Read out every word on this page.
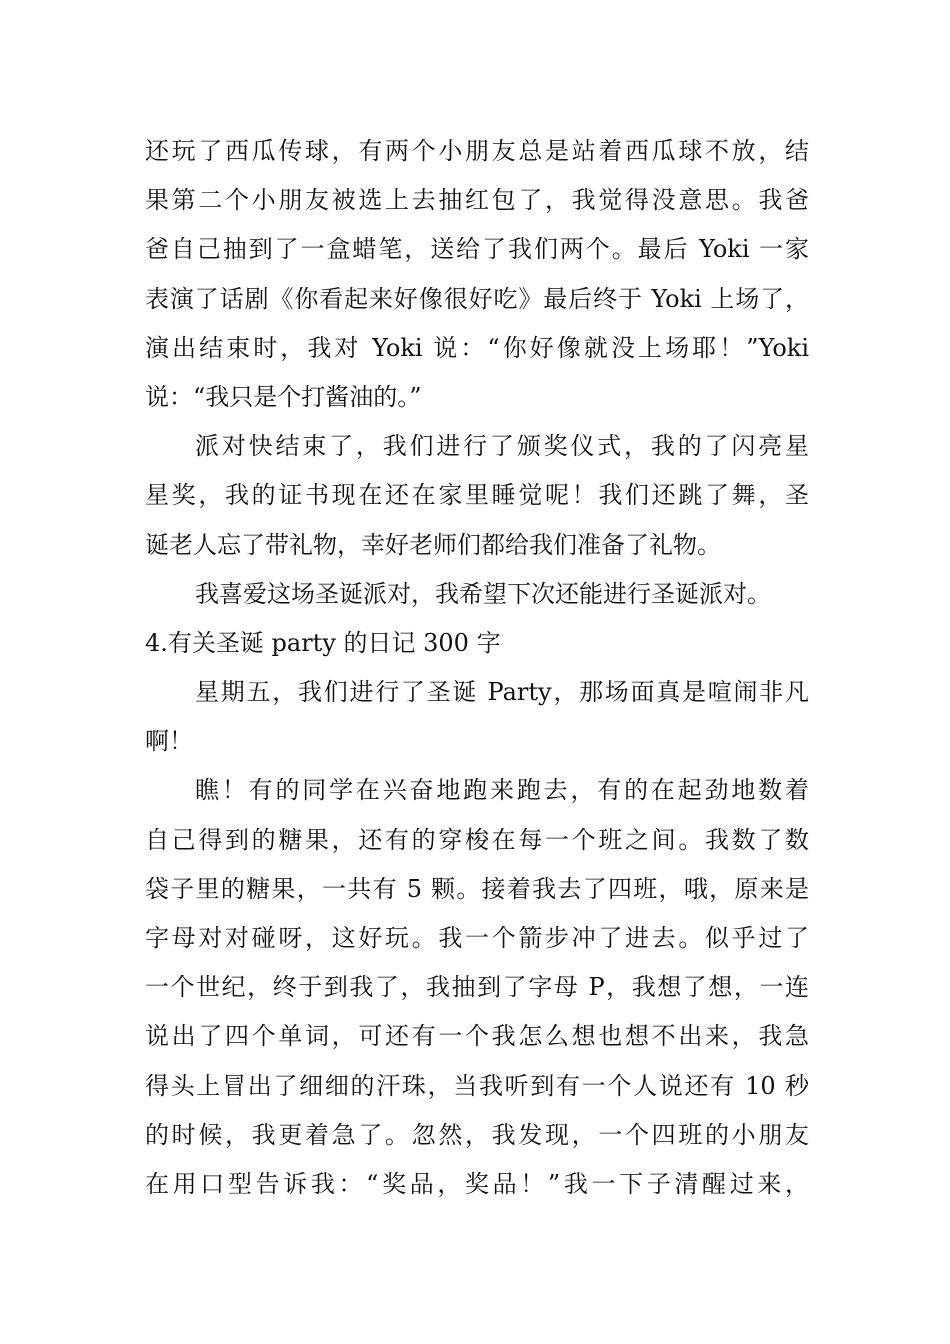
还玩了西瓜传球，有两个小朋友总是站着西瓜球不放，结
果第二个小朋友被选上去抽红包了，我觉得没意思。我爸
爸自己抽到了一盒蜡笔，送给了我们两个。最后 Yoki 一家
表演了话剧《你看起来好像很好吃》最后终于 Yoki 上场了，
演出结束时，我对 Yoki 说：“你好像就没上场耶！”Yoki
说：“我只是个打酱油的。”
派对快结束了，我们进行了颁奖仪式，我的了闪亮星
星奖，我的证书现在还在家里睡觉呢！我们还跳了舞，圣
诞老人忘了带礼物，幸好老师们都给我们准备了礼物。
我喜爱这场圣诞派对，我希望下次还能进行圣诞派对。
4.有关圣诞 party 的日记 300 字
星期五，我们进行了圣诞 Party，那场面真是喧闹非凡
啊！
瞧！有的同学在兴奋地跑来跑去，有的在起劲地数着
自己得到的糖果，还有的穿梭在每一个班之间。我数了数
袋子里的糖果，一共有 5 颗。接着我去了四班，哦，原来是
字母对对碰呀，这好玩。我一个箭步冲了进去。似乎过了
一个世纪，终于到我了，我抽到了字母 P，我想了想，一连
说出了四个单词，可还有一个我怎么想也想不出来，我急
得头上冒出了细细的汗珠，当我听到有一个人说还有 10 秒
的时候，我更着急了。忽然，我发现，一个四班的小朋友
在用口型告诉我：“奖品，奖品！”我一下子清醒过来，
